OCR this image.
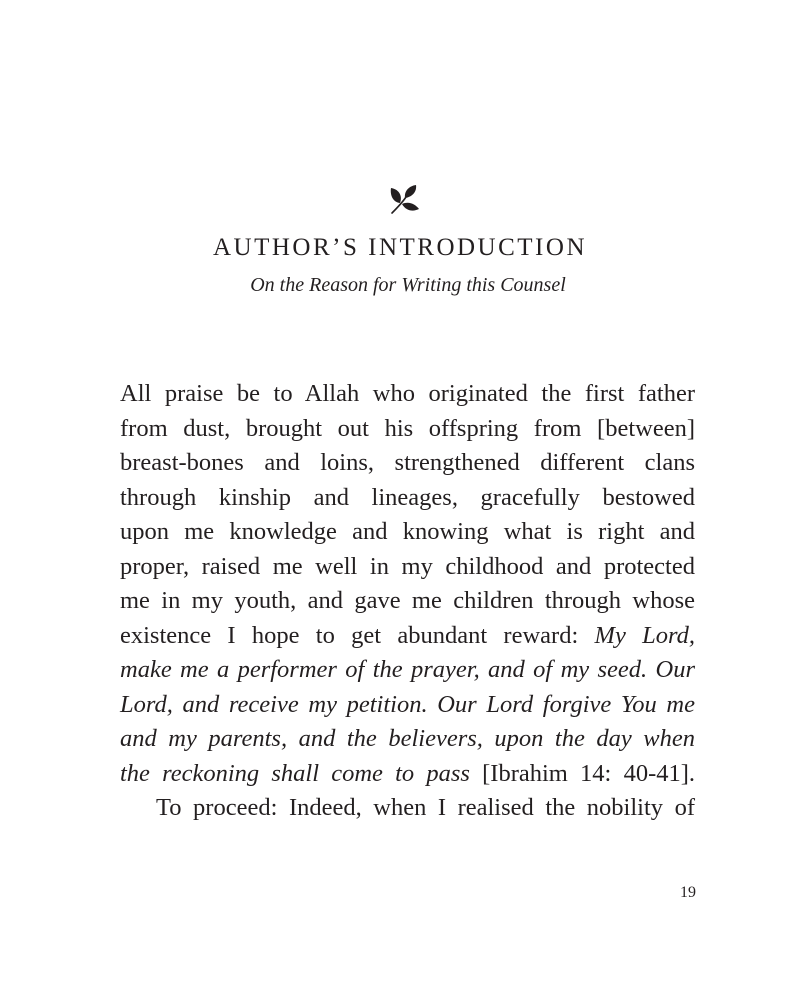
AUTHOR’S INTRODUCTION
On the Reason for Writing this Counsel
All praise be to Allah who originated the first father
from dust, brought out his offspring from [between]
breast-bones and loins, strengthened different clans
through kinship and lineages, gracefully bestowed
upon me knowledge and knowing what is right and
proper, raised me well in my childhood and protected
me in my youth, and gave me children through whose
existence I hope to get abundant reward: My Lord,
make me a performer of the prayer, and of my seed. Our
Lord, and receive my petition. Our Lord forgive You me
and my parents, and the believers, upon the day when
the reckoning shall come to pass [Ibrahim 14: 40-41].
To proceed: Indeed, when I realised the nobility of
19
